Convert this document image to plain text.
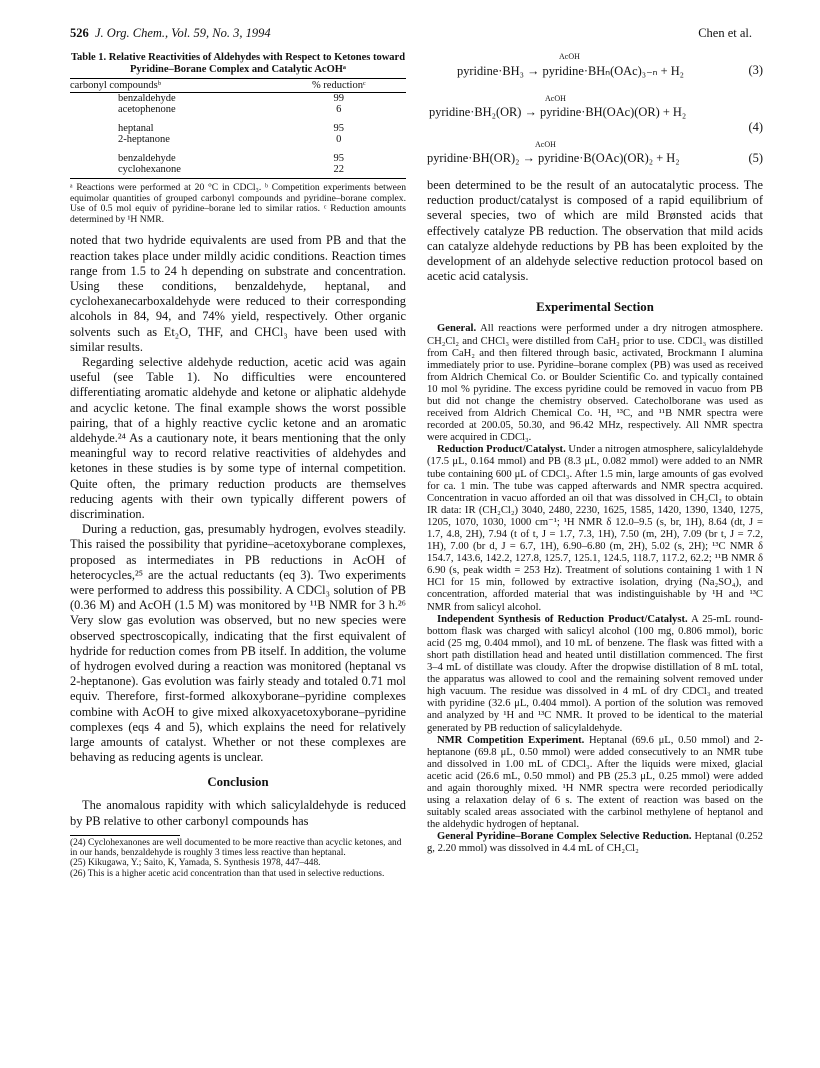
526 J. Org. Chem., Vol. 59, No. 3, 1994	Chen et al.
Table 1. Relative Reactivities of Aldehydes with Respect to Ketones toward Pyridine–Borane Complex and Catalytic AcOHᵃ
carbonyl compoundsᵇ	% reductionᶜ
benzaldehyde	99
acetophenone	6

heptanal	95
2-heptanone	0

benzaldehyde	95
cyclohexanone	22
ᵃ Reactions were performed at 20 °C in CDCl₃. ᵇ Competition experiments between equimolar quantities of grouped carbonyl compounds and pyridine–borane complex. Use of 0.5 mol equiv of pyridine–borane led to similar ratios. ᶜ Reduction amounts determined by ¹H NMR.

noted that two hydride equivalents are used from PB and that the reaction takes place under mildly acidic conditions. Reaction times range from 1.5 to 24 h depending on substrate and concentration. Using these conditions, benzaldehyde, heptanal, and cyclohexanecarboxaldehyde were reduced to their corresponding alcohols in 84, 94, and 74% yield, respectively. Other organic solvents such as Et₂O, THF, and CHCl₃ have been used with similar results.

Regarding selective aldehyde reduction, acetic acid was again useful (see Table 1). No difficulties were encountered differentiating aromatic aldehyde and ketone or aliphatic aldehyde and acyclic ketone. The final example shows the worst possible pairing, that of a highly reactive cyclic ketone and an aromatic aldehyde.²⁴ As a cautionary note, it bears mentioning that the only meaningful way to record relative reactivities of aldehydes and ketones in these studies is by some type of internal competition. Quite often, the primary reduction products are themselves reducing agents with their own typically different powers of discrimination.

During a reduction, gas, presumably hydrogen, evolves steadily. This raised the possibility that pyridine–acetoxyborane complexes, proposed as intermediates in PB reductions in AcOH of heterocycles,²⁵ are the actual reductants (eq 3). Two experiments were performed to address this possibility. A CDCl₃ solution of PB (0.36 M) and AcOH (1.5 M) was monitored by ¹¹B NMR for 3 h.²⁶ Very slow gas evolution was observed, but no new species were observed spectroscopically, indicating that the first equivalent of hydride for reduction comes from PB itself. In addition, the volume of hydrogen evolved during a reaction was monitored (heptanal vs 2-heptanone). Gas evolution was fairly steady and totaled 0.71 mol equiv. Therefore, first-formed alkoxyborane–pyridine complexes combine with AcOH to give mixed alkoxyacetoxyborane–pyridine complexes (eqs 4 and 5), which explains the need for relatively large amounts of catalyst. Whether or not these complexes are behaving as reducing agents is unclear.

Conclusion

The anomalous rapidity with which salicylaldehyde is reduced by PB relative to other carbonyl compounds has

(24) Cyclohexanones are well documented to be more reactive than acyclic ketones, and in our hands, benzaldehyde is roughly 3 times less reactive than heptanal.

(25) Kikugawa, Y.; Saito, K, Yamada, S. Synthesis 1978, 447–448.

(26) This is a higher acetic acid concentration than that used in selective reductions.

AcOH
pyridine·BH₃ → pyridine·BHₙ(OAc)₃₋ₙ + H₂	(3)
AcOH
pyridine·BH₂(OR) → pyridine·BH(OAc)(OR) + H₂
(4)
AcOH
pyridine·BH(OR)₂ → pyridine·B(OAc)(OR)₂ + H₂	(5)

been determined to be the result of an autocatalytic process. The reduction product/catalyst is composed of a rapid equilibrium of several species, two of which are mild Brønsted acids that effectively catalyze PB reduction. The observation that mild acids can catalyze aldehyde reductions by PB has been exploited by the development of an aldehyde selective reduction protocol based on acetic acid catalysis.

Experimental Section

General. All reactions were performed under a dry nitrogen atmosphere. CH₂Cl₂ and CHCl₃ were distilled from CaH₂ prior to use. CDCl₃ was distilled from CaH₂ and then filtered through basic, activated, Brockmann I alumina immediately prior to use. Pyridine–borane complex (PB) was used as received from Aldrich Chemical Co. or Boulder Scientific Co. and typically contained 10 mol % pyridine. The excess pyridine could be removed in vacuo from PB but did not change the chemistry observed. Catecholborane was used as received from Aldrich Chemical Co. ¹H, ¹³C, and ¹¹B NMR spectra were recorded at 200.05, 50.30, and 96.42 MHz, respectively. All NMR spectra were acquired in CDCl₃.

Reduction Product/Catalyst. Under a nitrogen atmosphere, salicylaldehyde (17.5 μL, 0.164 mmol) and PB (8.3 μL, 0.082 mmol) were added to an NMR tube containing 600 μL of CDCl₃. After 1.5 min, large amounts of gas evolved for ca. 1 min. The tube was capped afterwards and NMR spectra acquired. Concentration in vacuo afforded an oil that was dissolved in CH₂Cl₂ to obtain IR data: IR (CH₂Cl₂) 3040, 2480, 2230, 1625, 1585, 1420, 1390, 1340, 1275, 1205, 1070, 1030, 1000 cm⁻¹; ¹H NMR δ 12.0–9.5 (s, br, 1H), 8.64 (dt, J = 1.7, 4.8, 2H), 7.94 (t of t, J = 1.7, 7.3, 1H), 7.50 (m, 2H), 7.09 (br t, J = 7.2, 1H), 7.00 (br d, J = 6.7, 1H), 6.90–6.80 (m, 2H), 5.02 (s, 2H); ¹³C NMR δ 154.7, 143.6, 142.2, 127.8, 125.7, 125.1, 124.5, 118.7, 117.2, 62.2; ¹¹B NMR δ 6.90 (s, peak width = 253 Hz). Treatment of solutions containing 1 with 1 N HCl for 15 min, followed by extractive isolation, drying (Na₂SO₄), and concentration, afforded material that was indistinguishable by ¹H and ¹³C NMR from salicyl alcohol.

Independent Synthesis of Reduction Product/Catalyst. A 25-mL round-bottom flask was charged with salicyl alcohol (100 mg, 0.806 mmol), boric acid (25 mg, 0.404 mmol), and 10 mL of benzene. The flask was fitted with a short path distillation head and heated until distillation commenced. The first 3–4 mL of distillate was cloudy. After the dropwise distillation of 8 mL total, the apparatus was allowed to cool and the remaining solvent removed under high vacuum. The residue was dissolved in 4 mL of dry CDCl₃ and treated with pyridine (32.6 μL, 0.404 mmol). A portion of the solution was removed and analyzed by ¹H and ¹³C NMR. It proved to be identical to the material generated by PB reduction of salicylaldehyde.

NMR Competition Experiment. Heptanal (69.6 μL, 0.50 mmol) and 2-heptanone (69.8 μL, 0.50 mmol) were added consecutively to an NMR tube and dissolved in 1.00 mL of CDCl₃. After the liquids were mixed, glacial acetic acid (26.6 mL, 0.50 mmol) and PB (25.3 μL, 0.25 mmol) were added and again thoroughly mixed. ¹H NMR spectra were recorded periodically using a relaxation delay of 6 s. The extent of reaction was based on the suitably scaled areas associated with the carbinol methylene of heptanol and the aldehydic hydrogen of heptanal.

General Pyridine–Borane Complex Selective Reduction. Heptanal (0.252 g, 2.20 mmol) was dissolved in 4.4 mL of CH₂Cl₂
